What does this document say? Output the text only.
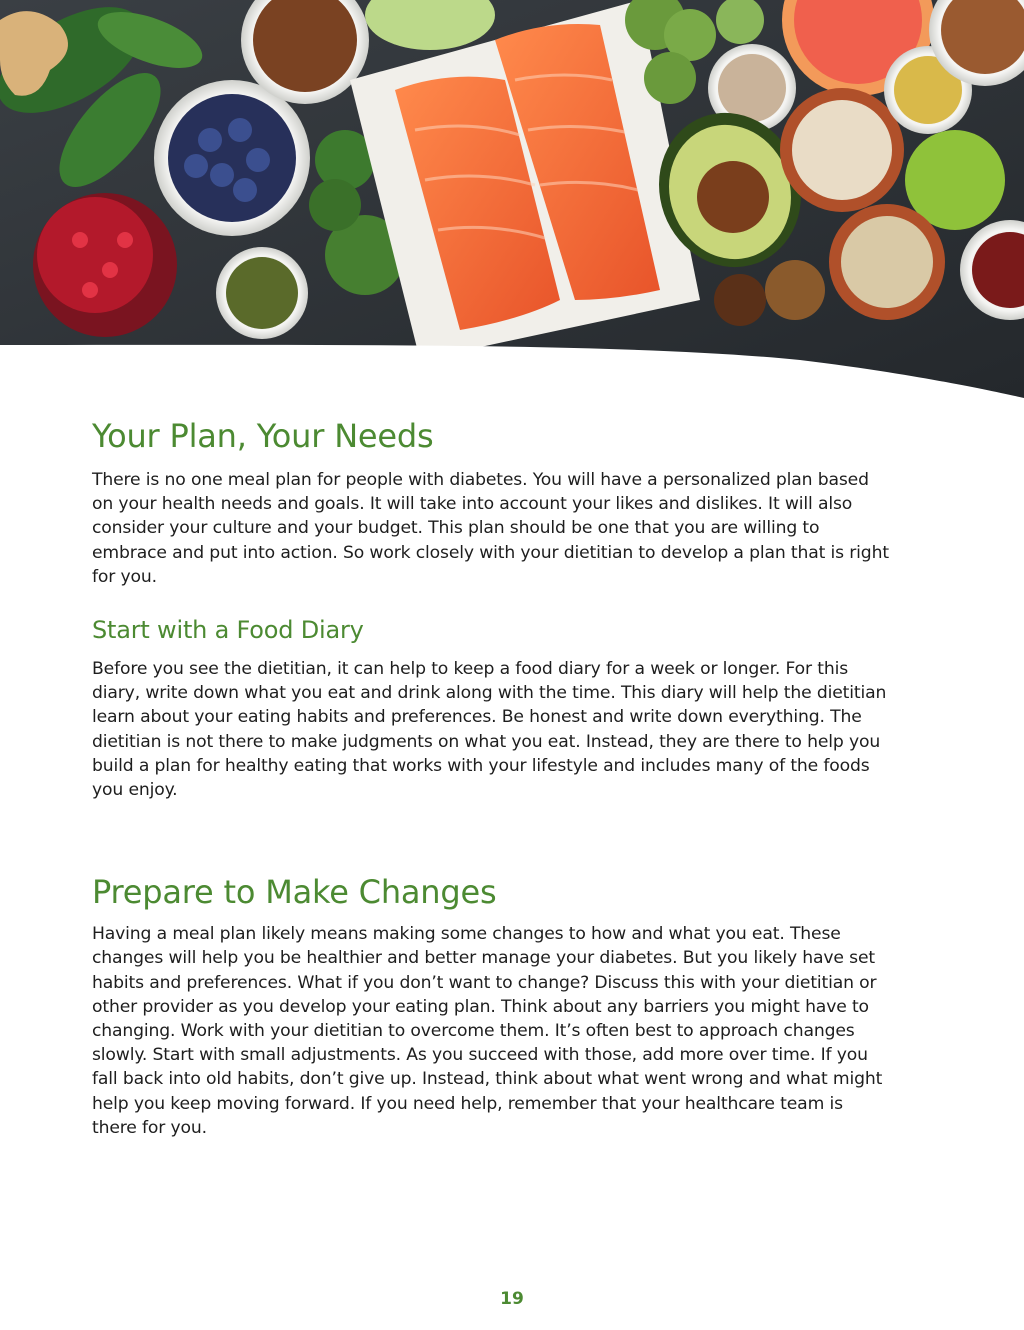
Your Plan, Your Needs

There is no one meal plan for people with diabetes. You will have a personalized plan based on your health needs and goals. It will take into account your likes and dislikes. It will also consider your culture and your budget. This plan should be one that you are willing to embrace and put into action. So work closely with your dietitian to develop a plan that is right for you.

Start with a Food Diary

Before you see the dietitian, it can help to keep a food diary for a week or longer. For this diary, write down what you eat and drink along with the time. This diary will help the dietitian learn about your eating habits and preferences. Be honest and write down everything. The dietitian is not there to make judgments on what you eat. Instead, they are there to help you build a plan for healthy eating that works with your lifestyle and includes many of the foods you enjoy.

Prepare to Make Changes

Having a meal plan likely means making some changes to how and what you eat. These changes will help you be healthier and better manage your diabetes. But you likely have set habits and preferences. What if you don’t want to change? Discuss this with your dietitian or other provider as you develop your eating plan. Think about any barriers you might have to changing. Work with your dietitian to overcome them. It’s often best to approach changes slowly. Start with small adjustments. As you succeed with those, add more over time. If you fall back into old habits, don’t give up. Instead, think about what went wrong and what might help you keep moving forward. If you need help, remember that your healthcare team is there for you.

19
